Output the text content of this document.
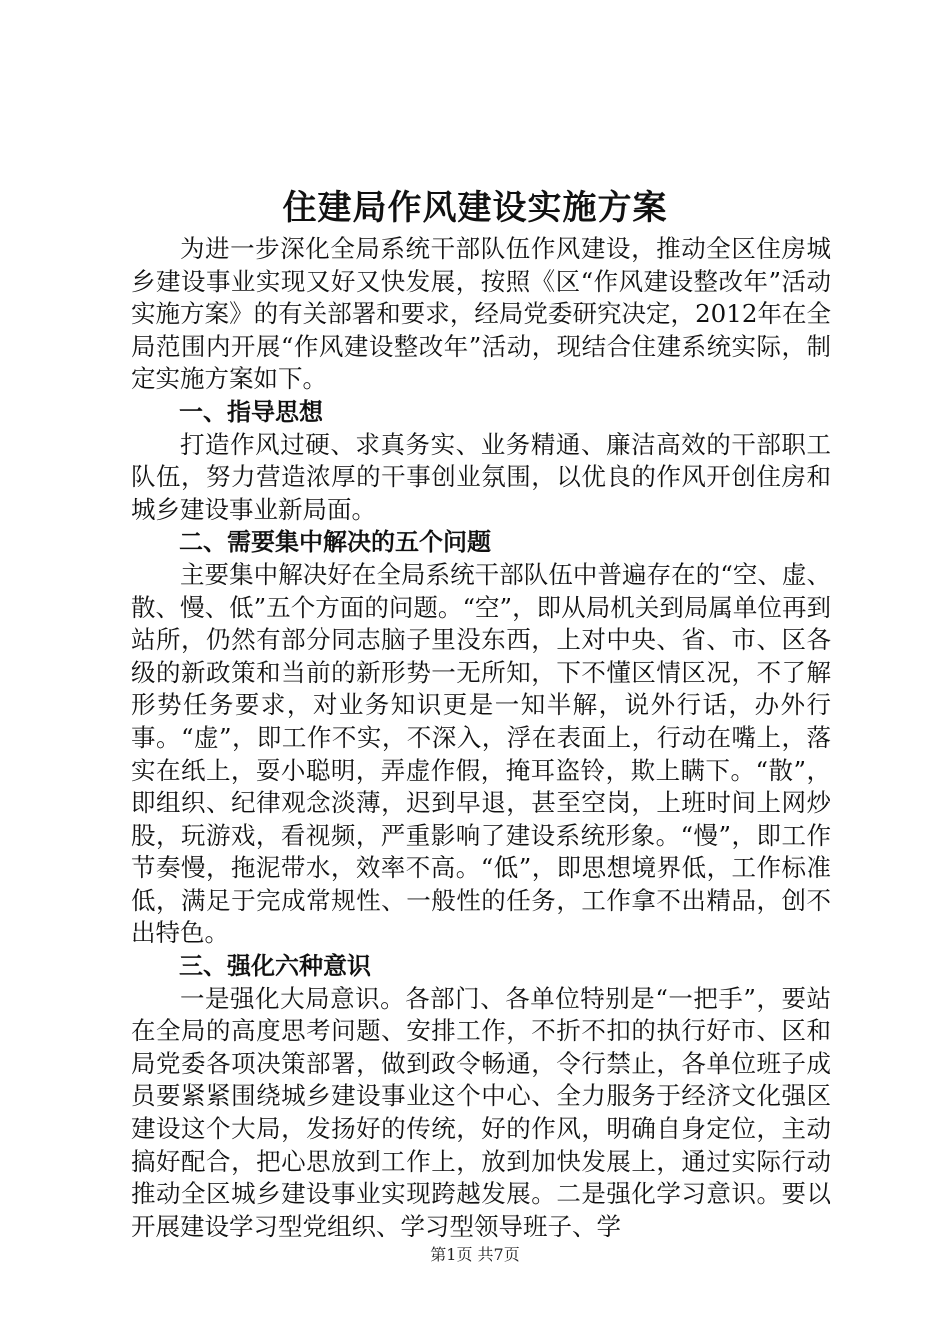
住建局作风建设实施方案

为进一步深化全局系统干部队伍作风建设，推动全区住房城乡建设事业实现又好又快发展，按照《区“作风建设整改年”活动实施方案》的有关部署和要求，经局党委研究决定，2012年在全局范围内开展“作风建设整改年”活动，现结合住建系统实际，制定实施方案如下。

一、指导思想

打造作风过硬、求真务实、业务精通、廉洁高效的干部职工队伍，努力营造浓厚的干事创业氛围，以优良的作风开创住房和城乡建设事业新局面。

二、需要集中解决的五个问题

主要集中解决好在全局系统干部队伍中普遍存在的“空、虚、散、慢、低”五个方面的问题。“空”，即从局机关到局属单位再到站所，仍然有部分同志脑子里没东西，上对中央、省、市、区各级的新政策和当前的新形势一无所知，下不懂区情区况，不了解形势任务要求，对业务知识更是一知半解，说外行话，办外行事。“虚”，即工作不实，不深入，浮在表面上，行动在嘴上，落实在纸上，耍小聪明，弄虚作假，掩耳盗铃，欺上瞒下。“散”，即组织、纪律观念淡薄，迟到早退，甚至空岗，上班时间上网炒股，玩游戏，看视频，严重影响了建设系统形象。“慢”，即工作节奏慢，拖泥带水，效率不高。“低”，即思想境界低，工作标准低，满足于完成常规性、一般性的任务，工作拿不出精品，创不出特色。

三、强化六种意识

一是强化大局意识。各部门、各单位特别是“一把手”，要站在全局的高度思考问题、安排工作，不折不扣的执行好市、区和局党委各项决策部署，做到政令畅通，令行禁止，各单位班子成员要紧紧围绕城乡建设事业这个中心、全力服务于经济文化强区建设这个大局，发扬好的传统，好的作风，明确自身定位，主动搞好配合，把心思放到工作上，放到加快发展上，通过实际行动推动全区城乡建设事业实现跨越发展。二是强化学习意识。要以开展建设学习型党组织、学习型领导班子、学

第1页 共7页
